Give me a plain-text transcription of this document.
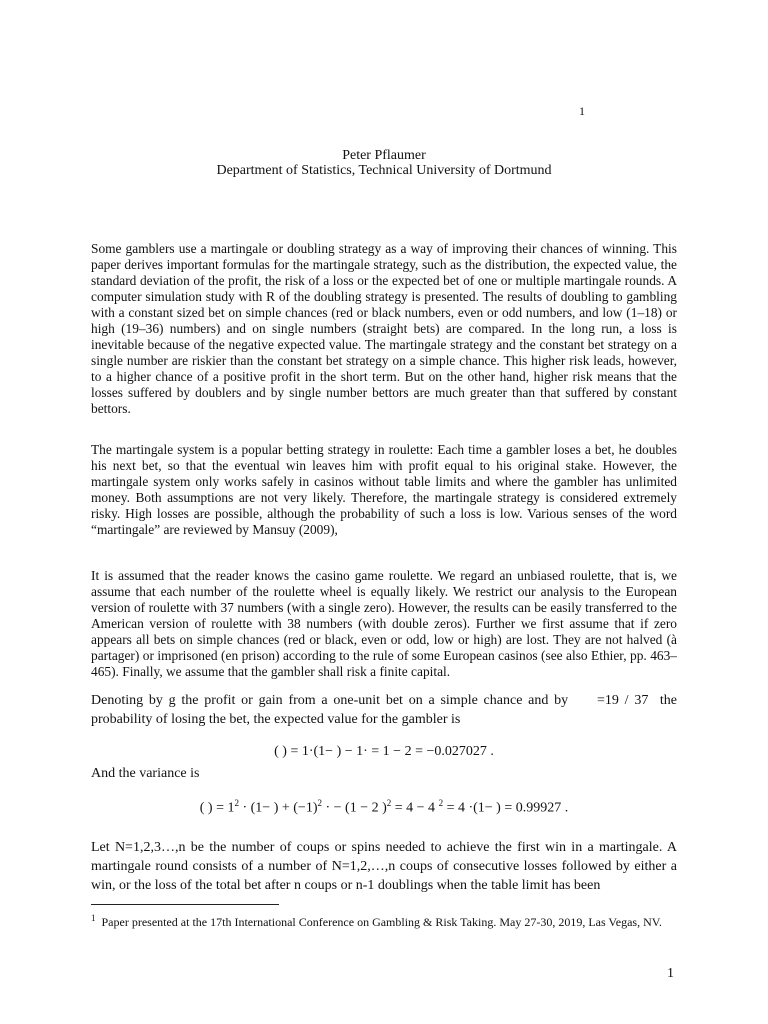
1
Peter Pflaumer
Department of Statistics, Technical University of Dortmund

Some gamblers use a martingale or doubling strategy as a way of improving their chances of winning. This paper derives important formulas for the martingale strategy, such as the distribution, the expected value, the standard deviation of the profit, the risk of a loss or the expected bet of one or multiple martingale rounds. A computer simulation study with R of the doubling strategy is presented. The results of doubling to gambling with a constant sized bet on simple chances (red or black numbers, even or odd numbers, and low (1–18) or high (19–36) numbers) and on single numbers (straight bets) are compared. In the long run, a loss is inevitable because of the negative expected value. The martingale strategy and the constant bet strategy on a single number are riskier than the constant bet strategy on a simple chance. This higher risk leads, however, to a higher chance of a positive profit in the short term. But on the other hand, higher risk means that the losses suffered by doublers and by single number bettors are much greater than that suffered by constant bettors.

The martingale system is a popular betting strategy in roulette: Each time a gambler loses a bet, he doubles his next bet, so that the eventual win leaves him with profit equal to his original stake. However, the martingale system only works safely in casinos without table limits and where the gambler has unlimited money. Both assumptions are not very likely. Therefore, the martingale strategy is considered extremely risky. High losses are possible, although the probability of such a loss is low. Various senses of the word “martingale” are reviewed by Mansuy (2009),

It is assumed that the reader knows the casino game roulette. We regard an unbiased roulette, that is, we assume that each number of the roulette wheel is equally likely. We restrict our analysis to the European version of roulette with 37 numbers (with a single zero). However, the results can be easily transferred to the American version of roulette with 38 numbers (with double zeros). Further we first assume that if zero appears all bets on simple chances (red or black, even or odd, low or high) are lost. They are not halved (à partager) or imprisoned (en prison) according to the rule of some European casinos (see also Ethier, pp. 463–465). Finally, we assume that the gambler shall risk a finite capital.

Denoting by g the profit or gain from a one-unit bet on a simple chance and by =19 / 37 the probability of losing the bet, the expected value for the gambler is

( ) = 1·(1− ) − 1· = 1 − 2 = −0.027027 .

And the variance is

( ) = $1^2 \cdot (1-$ ) + $(-1)^2$ · − (1 − 2 )$^2$ = 4 − 4 $^2$ = 4 ·(1− ) = 0.99927 .

Let N=1,2,3…,n be the number of coups or spins needed to achieve the first win in a martingale. A martingale round consists of a number of N=1,2,…,n coups of consecutive losses followed by either a win, or the loss of the total bet after n coups or n-1 doublings when the table limit has been

$^1$ Paper presented at the 17th International Conference on Gambling & Risk Taking. May 27-30, 2019, Las Vegas, NV.
1
